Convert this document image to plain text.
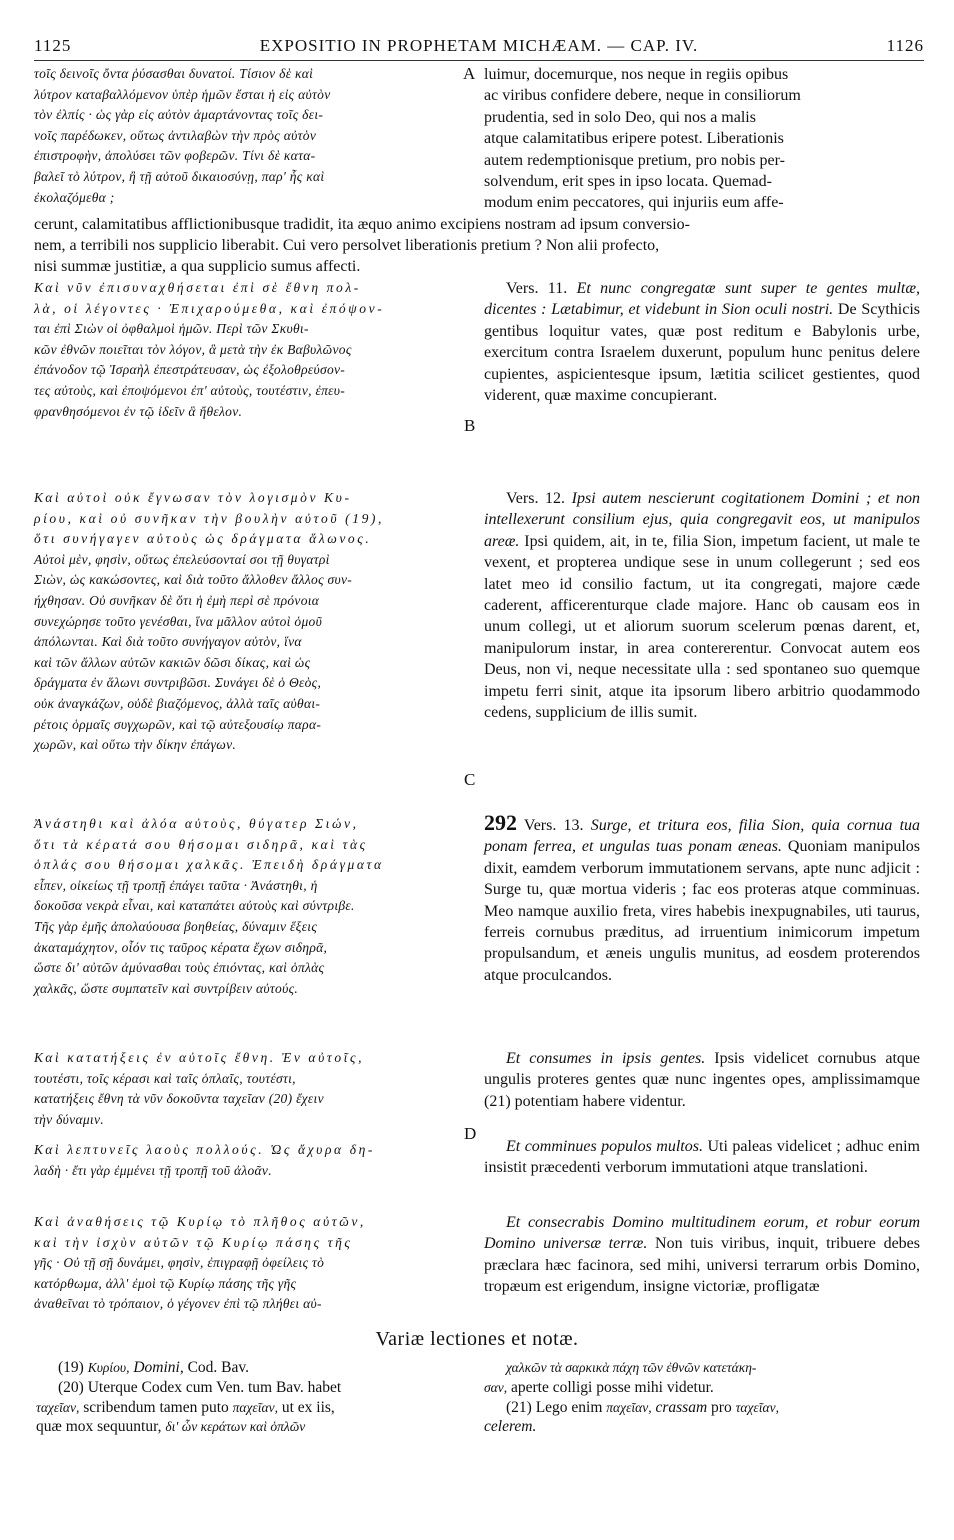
1125	EXPOSITIO IN PROPHETAM MICHÆAM. — CAP. IV.	1126
τοῖς δεινοῖς ὄντα ῥύσασθαι δυνατοί. Τίσιον δὲ καὶ
λύτρον καταβαλλόμενον ὑπὲρ ἡμῶν ἔσται ἡ εἰς αὐτὸν
τὸν ἐλπίς · ὡς γὰρ εἰς αὐτὸν ἁμαρτάνοντας τοῖς δει-
νοῖς παρέδωκεν, οὕτως ἀντιλαβὼν τὴν πρὸς αὐτὸν
ἐπιστροφὴν, ἀπολύσει τῶν φοβερῶν. Τίνι δὲ κατα-
βαλεῖ τὸ λύτρον, ἢ τῇ αὐτοῦ δικαιοσύνῃ, παρ' ἧς καὶ
ἐκολαζόμεθα ;
A luimur, docemurque, nos neque in regiis opibus
ac viribus confidere debere, neque in consiliorum
prudentia, sed in solo Deo, qui nos a malis
atque calamitatibus eripere potest. Liberationis
autem redemptionisque pretium, pro nobis per-
solvendum, erit spes in ipso locata. Quemad-
modum enim peccatores, qui injuriis eum affe-
cerunt, calamitatibus afflictionibusque tradidit, ita æquo animo excipiens nostram ad ipsum conversio-
nem, a terribili nos supplicio liberabit. Cui vero persolvet liberationis pretium ? Non alii profecto,
nisi summæ justitiæ, a qua supplicio sumus affecti.
Καὶ νῦν ἐπισυναχθήσεται ἐπὶ σὲ ἔθνη πολ-
λὰ, οἱ λέγοντες · Ἐπιχαρούμεθα, καὶ ἐπόψον-
ται ἐπὶ Σιὼν οἱ ὀφθαλμοὶ ἡμῶν. Περὶ τῶν Σκυθι-
κῶν ἐθνῶν ποιεῖται τὸν λόγον, ἃ μετὰ τὴν ἐκ Βαβυλῶνος
ἐπάνοδον τῷ Ἰσραὴλ ἐπεστράτευσαν, ὡς ἐξολοθρεύσον-
τες αὐτοὺς, καὶ ἐποψόμενοι ἐπ' αὐτοὺς, τουτέστιν, ἐπευ-
φρανθησόμενοι ἐν τῷ ἰδεῖν ἃ ἤθελον.
B
Καὶ αὐτοὶ οὐκ ἔγνωσαν τὸν λογισμὸν Κυ-
ρίου, καὶ οὐ συνῆκαν τὴν βουλὴν αὐτοῦ (19),
ὅτι συνήγαγεν αὐτοὺς ὡς δράγματα ἅλωνος.
Αὐτοὶ μὲν, φησὶν, οὕτως ἐπελεύσονταί σοι τῇ θυγατρὶ
Σιὼν, ὡς κακώσοντες, καὶ διὰ τοῦτο ἄλλοθεν ἄλλος συν-
ήχθησαν. Οὐ συνῆκαν δὲ ὅτι ἡ ἐμὴ περὶ σὲ πρόνοια
συνεχώρησε τοῦτο γενέσθαι, ἵνα μᾶλλον αὐτοὶ ὁμοῦ
ἀπόλωνται. Καὶ διὰ τοῦτο συνήγαγον αὐτὸν, ἵνα
καὶ τῶν ἄλλων αὐτῶν κακιῶν δῶσι δίκας, καὶ ὡς
δράγματα ἐν ἅλωνι συντριβῶσι. Συνάγει δὲ ὁ Θεὸς,
οὐκ ἀναγκάζων, οὐδὲ βιαζόμενος, ἀλλὰ ταῖς αὐθαι-
ρέτοις ὁρμαῖς συγχωρῶν, καὶ τῷ αὐτεξουσίῳ παρα-
χωρῶν, καὶ οὕτω τὴν δίκην ἐπάγων.
C
Ἀνάστηθι καὶ ἀλόα αὐτοὺς, θύγατερ Σιών,
ὅτι τὰ κέρατά σου θήσομαι σιδηρᾶ, καὶ τὰς
ὁπλάς σου θήσομαι χαλκᾶς. Ἐπειδὴ δράγματα
εἶπεν, οἰκείως τῇ τροπῇ ἐπάγει ταῦτα · Ἀνάστηθι, ἡ
δοκοῦσα νεκρὰ εἶναι, καὶ καταπάτει αὐτοὺς καὶ σύντριβε.
Τῆς γὰρ ἐμῆς ἀπολαύουσα βοηθείας, δύναμιν ἕξεις
ἀκαταμάχητον, οἷόν τις ταῦρος κέρατα ἔχων σιδηρᾶ,
ὥστε δι' αὐτῶν ἀμύνασθαι τοὺς ἐπιόντας, καὶ ὁπλὰς
χαλκᾶς, ὥστε συμπατεῖν καὶ συντρίβειν αὐτούς.
Καὶ κατατήξεις ἐν αὐτοῖς ἔθνη. Ἐν αὐτοῖς,
τουτέστι, τοῖς κέρασι καὶ ταῖς ὁπλαῖς, τουτέστι,
κατατήξεις ἔθνη τὰ νῦν δοκοῦντα ταχεῖαν (20) ἔχειν
τὴν δύναμιν.
D
Καὶ λεπτυνεῖς λαοὺς πολλούς. Ὡς ἄχυρα δη-
λαδὴ · ἔτι γὰρ ἐμμένει τῇ τροπῇ τοῦ ἀλοᾶν.
Καὶ ἀναθήσεις τῷ Κυρίῳ τὸ πλῆθος αὐτῶν,
καὶ τὴν ἰσχὺν αὐτῶν τῷ Κυρίῳ πάσης τῆς
γῆς · Οὐ τῇ σῇ δυνάμει, φησὶν, ἐπιγραφῇ ὀφείλεις τὸ
κατόρθωμα, ἀλλ' ἐμοὶ τῷ Κυρίῳ πάσης τῆς γῆς
ἀναθεῖναι τὸ τρόπαιον, ὁ γέγονεν ἐπὶ τῷ πλήθει αὐ-
Vers. 11. Et nunc congregatæ sunt super te gentes multæ, dicentes : Lætabimur, et videbunt in Sion oculi nostri. De Scythicis gentibus loquitur vates, quæ post reditum e Babylonis urbe, exercitum contra Israelem duxerunt, populum hunc penitus delere cupientes, aspicientesque ipsum, lætitia scilicet gestientes, quod viderent, quæ maxime concupierant.
Vers. 12. Ipsi autem nescierunt cogitationem Domini ; et non intellexerunt consilium ejus, quia congregavit eos, ut manipulos areæ. Ipsi quidem, ait, in te, filia Sion, impetum facient, ut male te vexent, et propterea undique sese in unum collegerunt ; sed eos latet meo id consilio factum, ut ita congregati, majore cæde caderent, afficerenturque clade majore. Hanc ob causam eos in unum collegi, ut et aliorum suorum scelerum pœnas darent, et, manipulorum instar, in area contererentur. Convocat autem eos Deus, non vi, neque necessitate ulla : sed spontaneo suo quemque impetu ferri sinit, atque ita ipsorum libero arbitrio quodammodo cedens, supplicium de illis sumit.
292 Vers. 13. Surge, et tritura eos, filia Sion, quia cornua tua ponam ferrea, et ungulas tuas ponam æneas. Quoniam manipulos dixit, eamdem verborum immutationem servans, apte nunc adjicit : Surge tu, quæ mortua videris ; fac eos proteras atque comminuas. Meo namque auxilio freta, vires habebis inexpugnabiles, uti taurus, ferreis cornubus præditus, ad irruentium inimicorum impetum propulsandum, et æneis ungulis munitus, ad eosdem proterendos atque proculcandos.
Et consumes in ipsis gentes. Ipsis videlicet cornubus atque ungulis proteres gentes quæ nunc ingentes opes, amplissimamque (21) potentiam habere videntur.
Et comminues populos multos. Uti paleas videlicet ; adhuc enim insistit præcedenti verborum immutationi atque translationi.
Et consecrabis Domino multitudinem eorum, et robur eorum Domino universæ terræ. Non tuis viribus, inquit, tribuere debes præclara hæc facinora, sed mihi, universi terrarum orbis Domino, tropæum est erigendum, insigne victoriæ, profligatæ
Variæ lectiones et notæ.
(19) Κυρίου, Domini, Cod. Bav.
(20) Uterque Codex cum Ven. tum Bav. habet
ταχεῖαν, scribendum tamen puto παχεῖαν, ut ex iis,
quæ mox sequuntur, δι' ὧν κεράτων καὶ ὁπλῶν
χαλκῶν τὰ σαρκικὰ πάχη τῶν ἐθνῶν κατετάκη-
σαν, aperte colligi posse mihi videtur.
(21) Lego enim παχεῖαν, crassam pro ταχεῖαν,
celerem.
